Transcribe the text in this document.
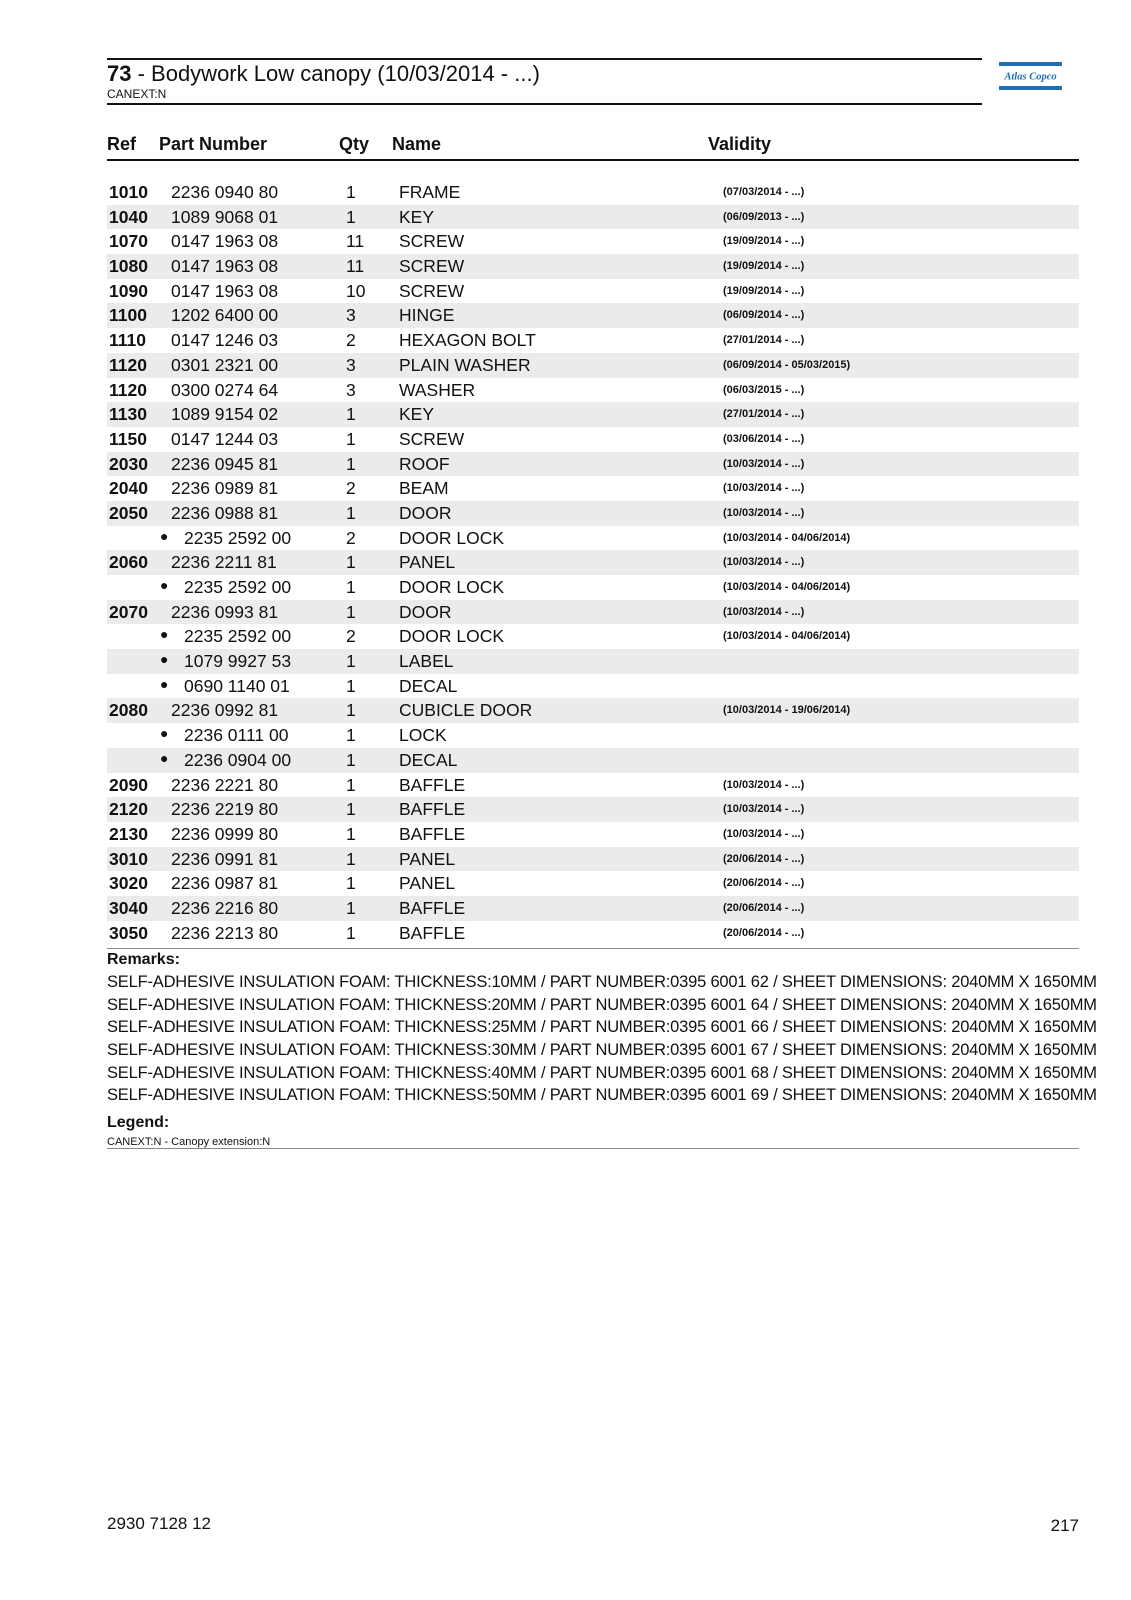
73 - Bodywork Low canopy (10/03/2014 - ...)
CANEXT:N
Atlas Copco
Ref Part Number	Qty Name	Validity
1010 2236 0940 80	1 FRAME	(07/03/2014 - ...)
1040 1089 9068 01	1 KEY	(06/09/2013 - ...)
1070 0147 1963 08	11 SCREW	(19/09/2014 - ...)
1080 0147 1963 08	11 SCREW	(19/09/2014 - ...)
1090 0147 1963 08	10 SCREW	(19/09/2014 - ...)
1100 1202 6400 00	3 HINGE	(06/09/2014 - ...)
1110 0147 1246 03	2 HEXAGON BOLT	(27/01/2014 - ...)
1120 0301 2321 00	3 PLAIN WASHER	(06/09/2014 - 05/03/2015)
1120 0300 0274 64	3 WASHER	(06/03/2015 - ...)
1130 1089 9154 02	1 KEY	(27/01/2014 - ...)
1150 0147 1244 03	1 SCREW	(03/06/2014 - ...)
2030 2236 0945 81	1 ROOF	(10/03/2014 - ...)
2040 2236 0989 81	2 BEAM	(10/03/2014 - ...)
2050 2236 0988 81	1 DOOR	(10/03/2014 - ...)
● 2235 2592 00	2 DOOR LOCK	(10/03/2014 - 04/06/2014)
2060 2236 2211 81	1 PANEL	(10/03/2014 - ...)
● 2235 2592 00	1 DOOR LOCK	(10/03/2014 - 04/06/2014)
2070 2236 0993 81	1 DOOR	(10/03/2014 - ...)
● 2235 2592 00	2 DOOR LOCK	(10/03/2014 - 04/06/2014)
● 1079 9927 53	1 LABEL
● 0690 1140 01	1 DECAL
2080 2236 0992 81	1 CUBICLE DOOR	(10/03/2014 - 19/06/2014)
● 2236 0111 00	1 LOCK
● 2236 0904 00	1 DECAL
2090 2236 2221 80	1 BAFFLE	(10/03/2014 - ...)
2120 2236 2219 80	1 BAFFLE	(10/03/2014 - ...)
2130 2236 0999 80	1 BAFFLE	(10/03/2014 - ...)
3010 2236 0991 81	1 PANEL	(20/06/2014 - ...)
3020 2236 0987 81	1 PANEL	(20/06/2014 - ...)
3040 2236 2216 80	1 BAFFLE	(20/06/2014 - ...)
3050 2236 2213 80	1 BAFFLE	(20/06/2014 - ...)
Remarks:
SELF-ADHESIVE INSULATION FOAM: THICKNESS:10MM / PART NUMBER:0395 6001 62 / SHEET DIMENSIONS: 2040MM X 1650MM
SELF-ADHESIVE INSULATION FOAM: THICKNESS:20MM / PART NUMBER:0395 6001 64 / SHEET DIMENSIONS: 2040MM X 1650MM
SELF-ADHESIVE INSULATION FOAM: THICKNESS:25MM / PART NUMBER:0395 6001 66 / SHEET DIMENSIONS: 2040MM X 1650MM
SELF-ADHESIVE INSULATION FOAM: THICKNESS:30MM / PART NUMBER:0395 6001 67 / SHEET DIMENSIONS: 2040MM X 1650MM
SELF-ADHESIVE INSULATION FOAM: THICKNESS:40MM / PART NUMBER:0395 6001 68 / SHEET DIMENSIONS: 2040MM X 1650MM
SELF-ADHESIVE INSULATION FOAM: THICKNESS:50MM / PART NUMBER:0395 6001 69 / SHEET DIMENSIONS: 2040MM X 1650MM
Legend:
CANEXT:N - Canopy extension:N
2930 7128 12	217
